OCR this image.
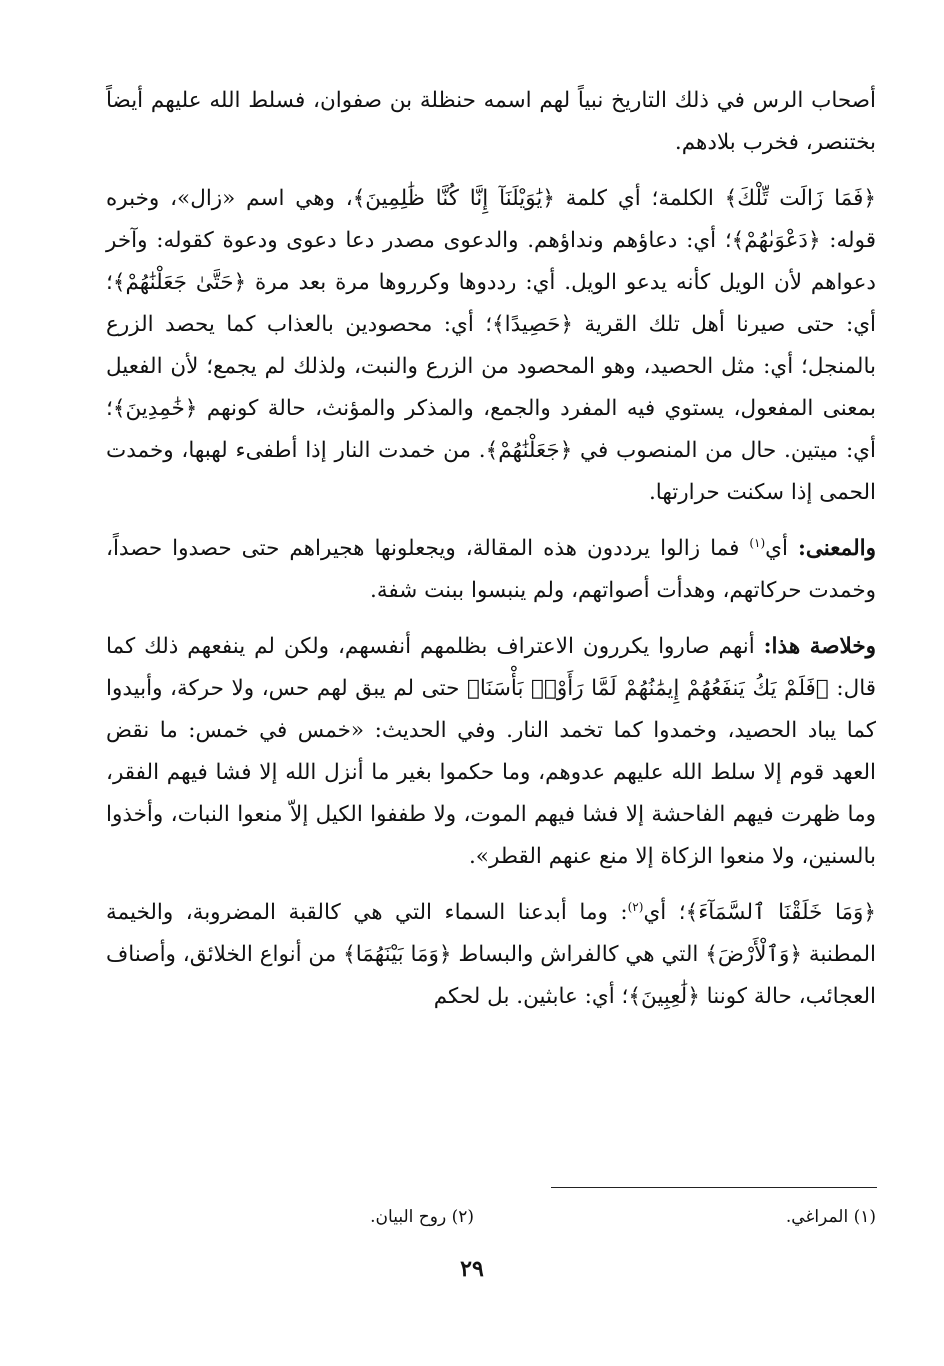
أصحاب الرس في ذلك التاريخ نبياً لهم اسمه حنظلة بن صفوان، فسلط الله عليهم أيضاً بختنصر، فخرب بلادهم.

﴿فَمَا زَالَت تِّلْكَ﴾ الكلمة؛ أي كلمة ﴿يَٰوَيْلَنَآ إِنَّا كُنَّا ظَٰلِمِينَ﴾، وهي اسم «زال»، وخبره قوله: ﴿دَعْوَىٰهُمْ﴾؛ أي: دعاؤهم ونداؤهم. والدعوى مصدر دعا دعوى ودعوة كقوله: وآخر دعواهم لأن الويل كأنه يدعو الويل. أي: رددوها وكرروها مرة بعد مرة ﴿حَتَّىٰ جَعَلْنَٰهُمْ﴾؛ أي: حتى صيرنا أهل تلك القرية ﴿حَصِيدًا﴾؛ أي: محصودين بالعذاب كما يحصد الزرع بالمنجل؛ أي: مثل الحصيد، وهو المحصود من الزرع والنبت، ولذلك لم يجمع؛ لأن الفعيل بمعنى المفعول، يستوي فيه المفرد والجمع، والمذكر والمؤنث، حالة كونهم ﴿خَٰمِدِينَ﴾؛ أي: ميتين. حال من المنصوب في ﴿جَعَلْنَٰهُمْ﴾. من خمدت النار إذا أطفىء لهبها، وخمدت الحمى إذا سكنت حرارتها.

والمعنى: أي$^{(١)}$ فما زالوا يرددون هذه المقالة، ويجعلونها هجيراهم حتى حصدوا حصداً، وخمدت حركاتهم، وهدأت أصواتهم، ولم ينبسوا ببنت شفة.

وخلاصة هذا: أنهم صاروا يكررون الاعتراف بظلمهم أنفسهم، ولكن لم ينفعهم ذلك كما قال: ﴿فَلَمْ يَكُ يَنفَعُهُمْ إِيمَٰنُهُمْ لَمَّا رَأَوْا۟ بَأْسَنَا﴾ حتى لم يبق لهم حس، ولا حركة، وأبيدوا كما يباد الحصيد، وخمدوا كما تخمد النار. وفي الحديث: «خمس في خمس: ما نقض العهد قوم إلا سلط الله عليهم عدوهم، وما حكموا بغير ما أنزل الله إلا فشا فيهم الفقر، وما ظهرت فيهم الفاحشة إلا فشا فيهم الموت، ولا طففوا الكيل إلاّ منعوا النبات، وأخذوا بالسنين، ولا منعوا الزكاة إلا منع عنهم القطر».

﴿وَمَا خَلَقْنَا ٱلسَّمَآءَ﴾؛ أي$^{(٢)}$: وما أبدعنا السماء التي هي كالقبة المضروبة، والخيمة المطنبة ﴿وَٱلْأَرْضَ﴾ التي هي كالفراش والبساط ﴿وَمَا بَيْنَهُمَا﴾ من أنواع الخلائق، وأصناف العجائب، حالة كوننا ﴿لَٰعِبِينَ﴾؛ أي: عابثين. بل لحكم

(١) المراغي.
(٢) روح البيان.
٢٩
